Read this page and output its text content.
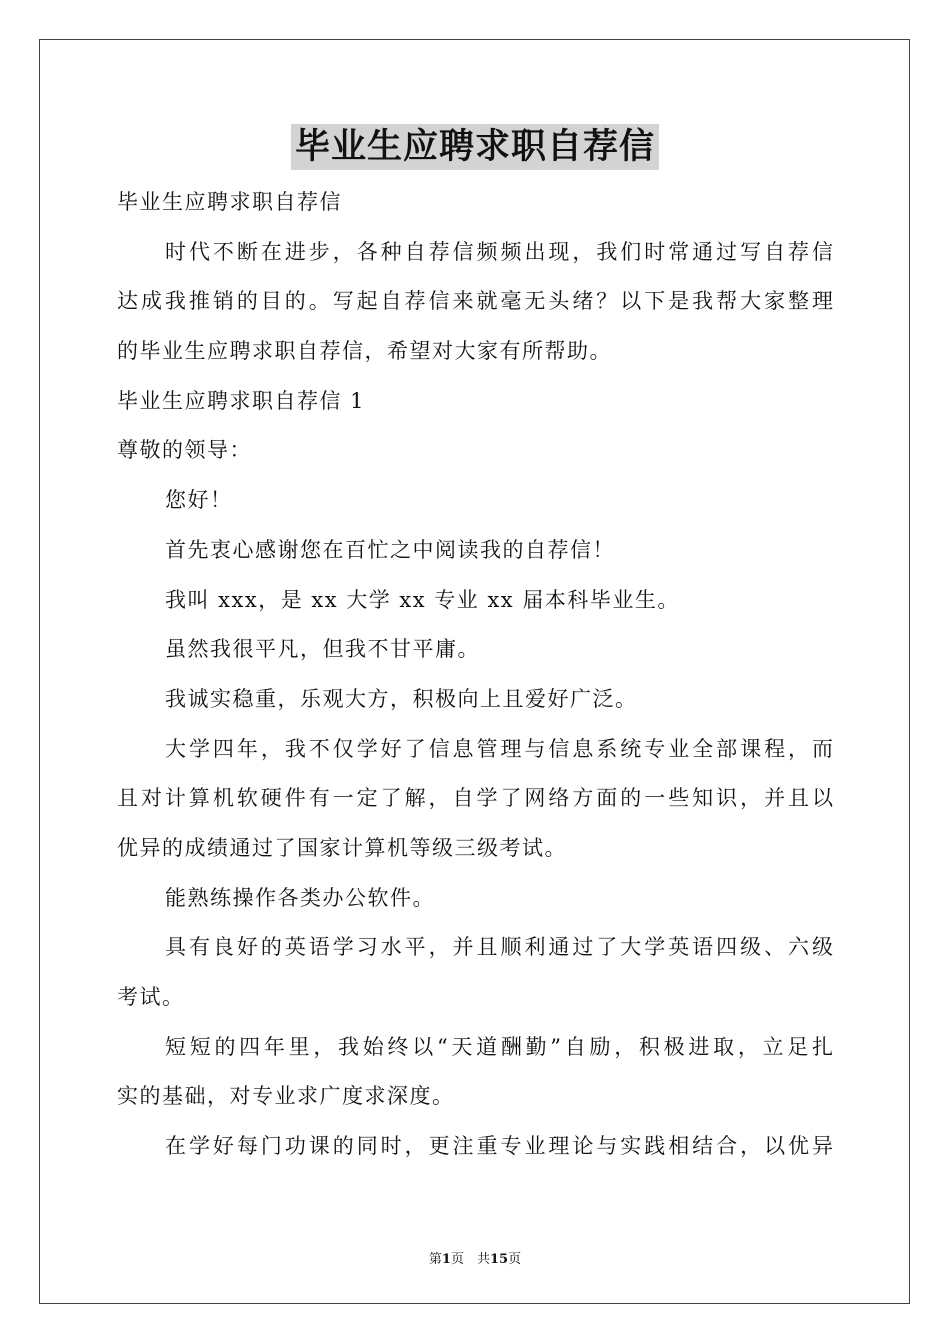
毕业生应聘求职自荐信
毕业生应聘求职自荐信
时代不断在进步，各种自荐信频频出现，我们时常通过写自荐信
达成我推销的目的。写起自荐信来就毫无头绪？以下是我帮大家整理
的毕业生应聘求职自荐信，希望对大家有所帮助。
毕业生应聘求职自荐信 1
尊敬的领导：
您好！
首先衷心感谢您在百忙之中阅读我的自荐信！
我叫 xxx，是 xx 大学 xx 专业 xx 届本科毕业生。
虽然我很平凡，但我不甘平庸。
我诚实稳重，乐观大方，积极向上且爱好广泛。
大学四年，我不仅学好了信息管理与信息系统专业全部课程，而
且对计算机软硬件有一定了解，自学了网络方面的一些知识，并且以
优异的成绩通过了国家计算机等级三级考试。
能熟练操作各类办公软件。
具有良好的英语学习水平，并且顺利通过了大学英语四级、六级
考试。
短短的四年里，我始终以“天道酬勤”自励，积极进取，立足扎
实的基础，对专业求广度求深度。
在学好每门功课的同时，更注重专业理论与实践相结合，以优异
第1页　共15页
